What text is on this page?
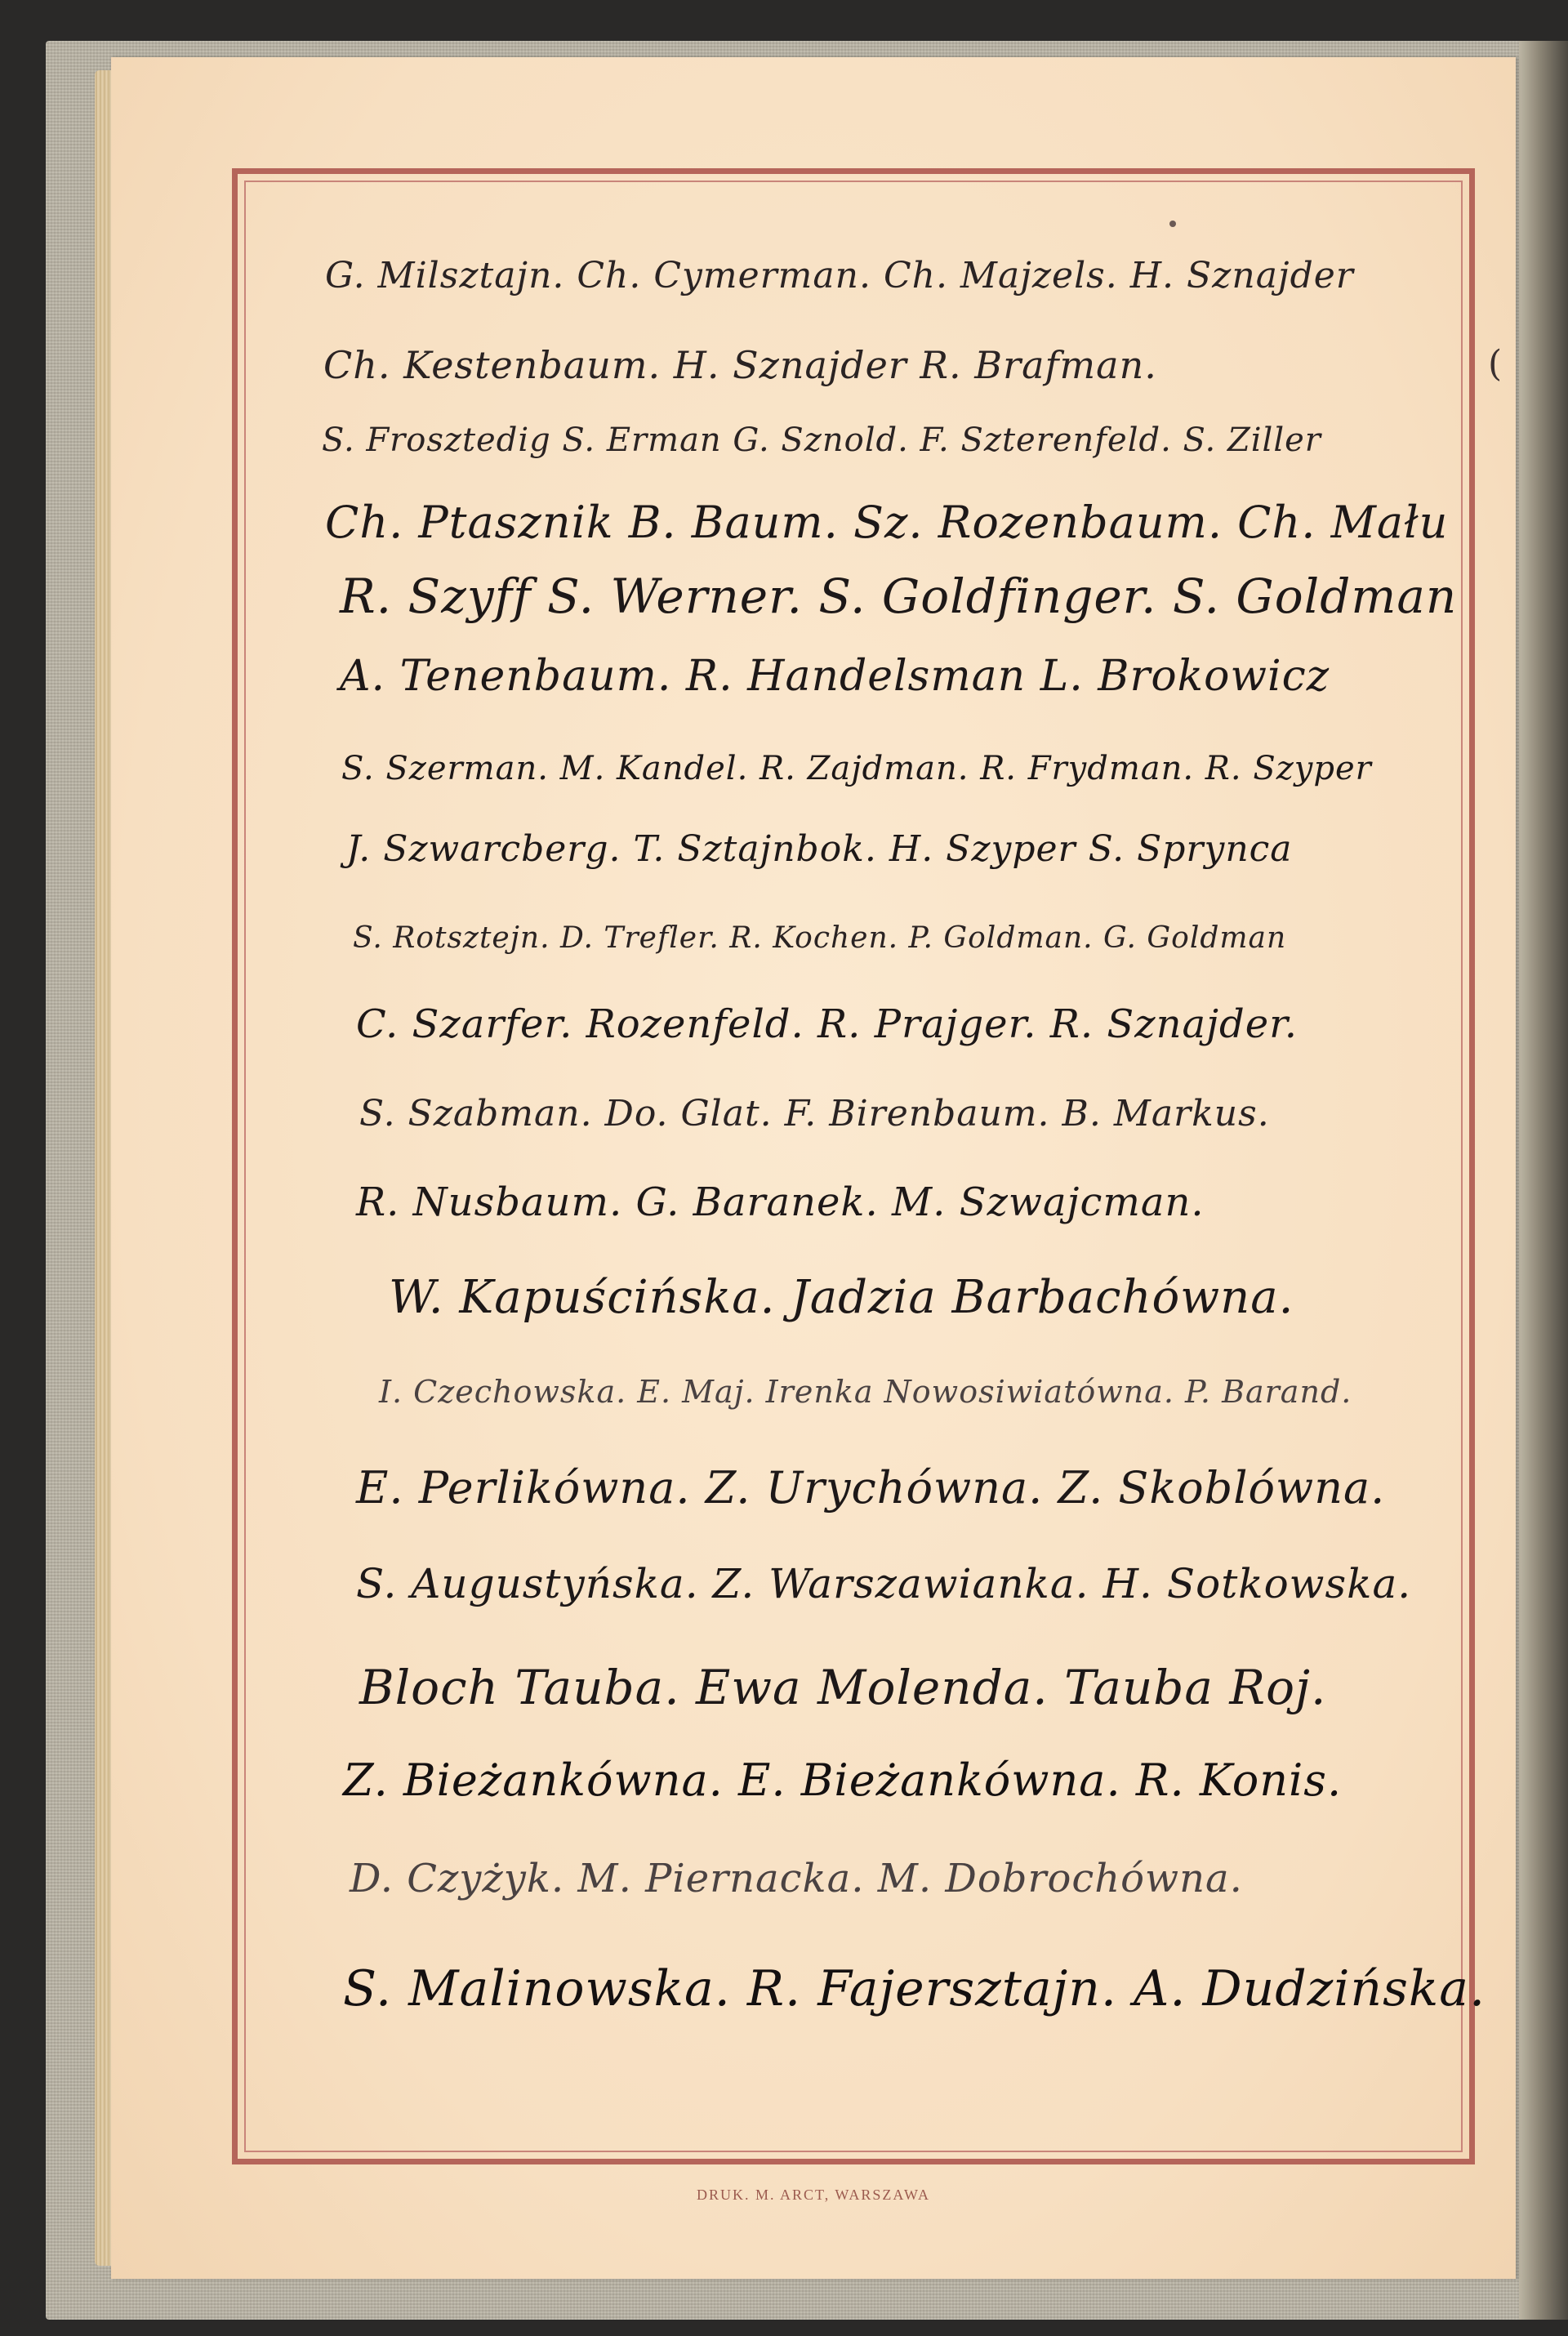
(
G. Milsztajn. Ch. Cymerman. Ch. Majzels. H. Sznajder
Ch. Kestenbaum. H. Sznajder R. Brafman.
S. Frosztedig S. Erman G. Sznold. F. Szterenfeld. S. Ziller
Ch. Ptasznik B. Baum. Sz. Rozenbaum. Ch. Mału
R. Szyff S. Werner. S. Goldfinger. S. Goldman
A. Tenenbaum. R. Handelsman L. Brokowicz
S. Szerman. M. Kandel. R. Zajdman. R. Frydman. R. Szyper
J. Szwarcberg. T. Sztajnbok. H. Szyper S. Sprynca
S. Rotsztejn. D. Trefler. R. Kochen. P. Goldman. G. Goldman
C. Szarfer. Rozenfeld. R. Prajger. R. Sznajder.
S. Szabman. Do. Glat. F. Birenbaum. B. Markus.
R. Nusbaum. G. Baranek. M. Szwajcman.
W. Kapuścińska. Jadzia Barbachówna.
I. Czechowska. E. Maj. Irenka Nowosiwiatówna. P. Barand.
E. Perlikówna. Z. Urychówna. Z. Skoblówna.
S. Augustyńska. Z. Warszawianka. H. Sotkowska.
Bloch Tauba. Ewa Molenda. Tauba Roj.
Z. Bieżankówna. E. Bieżankówna. R. Konis.
D. Czyżyk. M. Piernacka. M. Dobrochówna.
S. Malinowska. R. Fajersztajn. A. Dudzińska.
DRUK. M. ARCT, WARSZAWA
